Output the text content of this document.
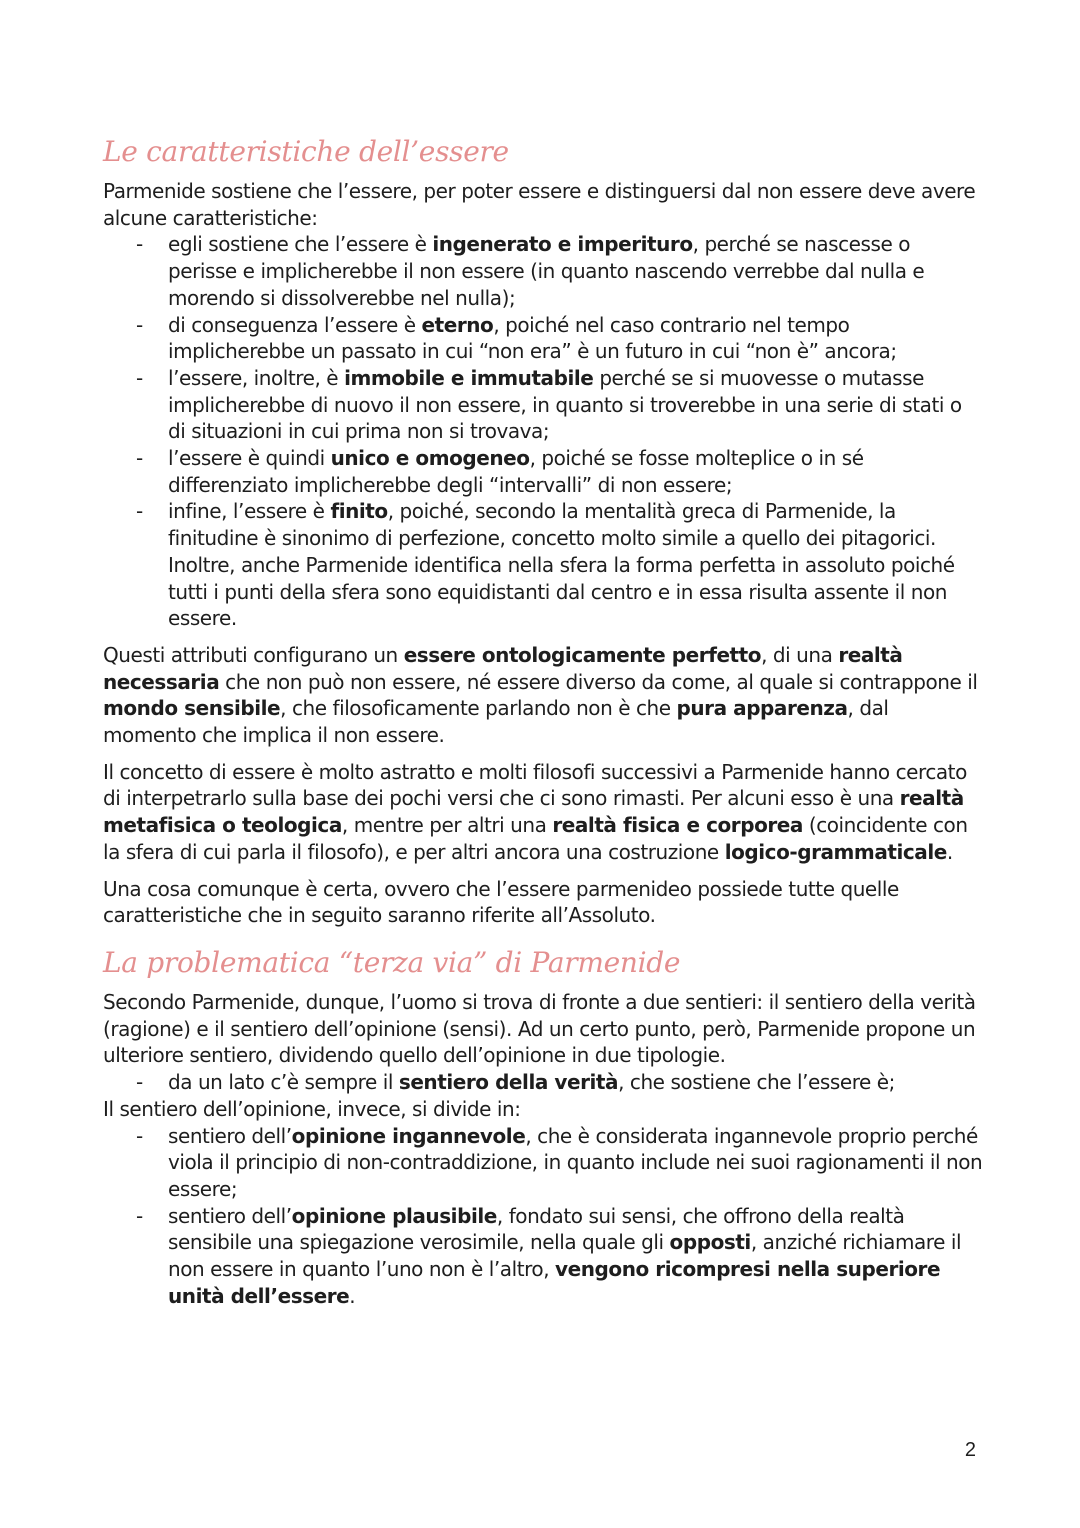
Le caratteristiche dell’essere

Parmenide sostiene che l’essere, per poter essere e distinguersi dal non essere deve avere alcune caratteristiche:

- egli sostiene che l’essere è ingenerato e imperituro, perché se nascesse o perisse e implicherebbe il non essere (in quanto nascendo verrebbe dal nulla e morendo si dissolverebbe nel nulla);
- di conseguenza l’essere è eterno, poiché nel caso contrario nel tempo implicherebbe un passato in cui “non era” è un futuro in cui “non è” ancora;
- l’essere, inoltre, è immobile e immutabile perché se si muovesse o mutasse implicherebbe di nuovo il non essere, in quanto si troverebbe in una serie di stati o di situazioni in cui prima non si trovava;
- l’essere è quindi unico e omogeneo, poiché se fosse molteplice o in sé differenziato implicherebbe degli “intervalli” di non essere;
- infine, l’essere è finito, poiché, secondo la mentalità greca di Parmenide, la finitudine è sinonimo di perfezione, concetto molto simile a quello dei pitagorici. Inoltre, anche Parmenide identifica nella sfera la forma perfetta in assoluto poiché tutti i punti della sfera sono equidistanti dal centro e in essa risulta assente il non essere.

Questi attributi configurano un essere ontologicamente perfetto, di una realtà necessaria che non può non essere, né essere diverso da come, al quale si contrappone il mondo sensibile, che filosoficamente parlando non è che pura apparenza, dal momento che implica il non essere.

Il concetto di essere è molto astratto e molti filosofi successivi a Parmenide hanno cercato di interpetrarlo sulla base dei pochi versi che ci sono rimasti. Per alcuni esso è una realtà metafisica o teologica, mentre per altri una realtà fisica e corporea (coincidente con la sfera di cui parla il filosofo), e per altri ancora una costruzione logico-grammaticale.

Una cosa comunque è certa, ovvero che l’essere parmenideo possiede tutte quelle caratteristiche che in seguito saranno riferite all’Assoluto.

La problematica “terza via” di Parmenide

Secondo Parmenide, dunque, l’uomo si trova di fronte a due sentieri: il sentiero della verità (ragione) e il sentiero dell’opinione (sensi). Ad un certo punto, però, Parmenide propone un ulteriore sentiero, dividendo quello dell’opinione in due tipologie.

- da un lato c’è sempre il sentiero della verità, che sostiene che l’essere è;

Il sentiero dell’opinione, invece, si divide in:

- sentiero dell’opinione ingannevole, che è considerata ingannevole proprio perché viola il principio di non-contraddizione, in quanto include nei suoi ragionamenti il non essere;
- sentiero dell’opinione plausibile, fondato sui sensi, che offrono della realtà sensibile una spiegazione verosimile, nella quale gli opposti, anziché richiamare il non essere in quanto l’uno non è l’altro, vengono ricompresi nella superiore unità dell’essere.
2
